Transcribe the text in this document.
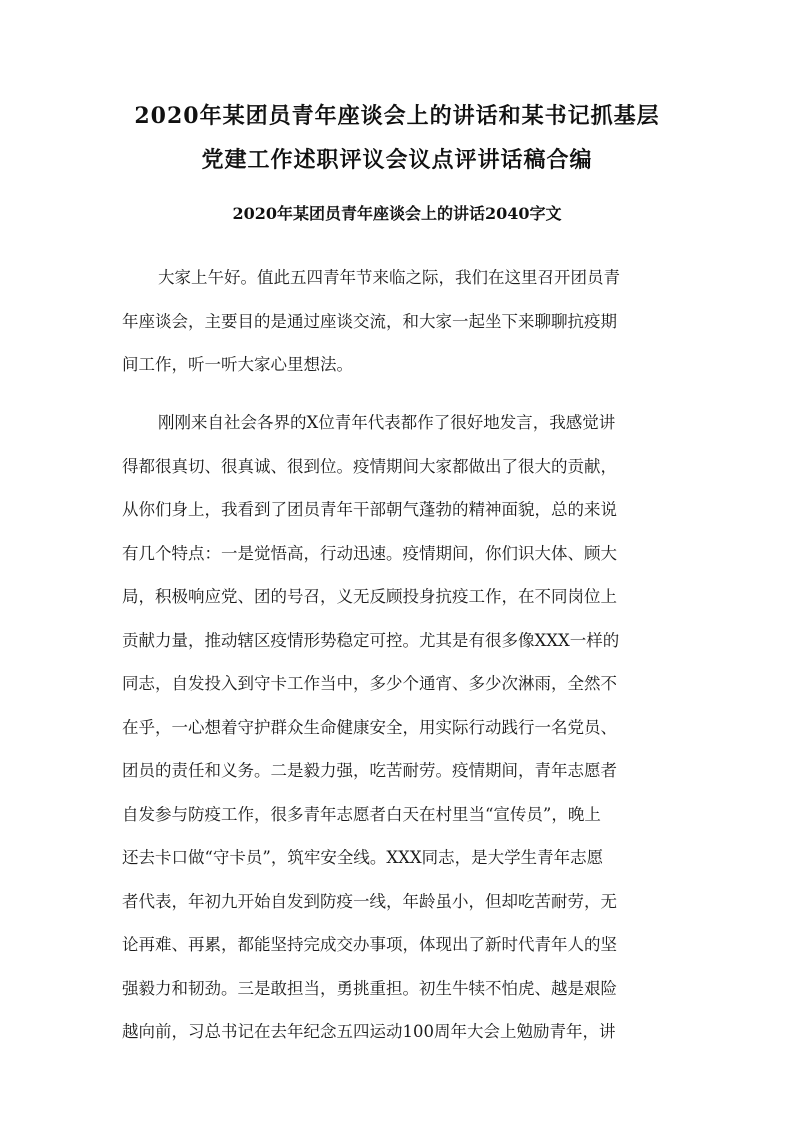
2020年某团员青年座谈会上的讲话和某书记抓基层
党建工作述职评议会议点评讲话稿合编
2020年某团员青年座谈会上的讲话2040字文
大家上午好。值此五四青年节来临之际，我们在这里召开团员青
年座谈会，主要目的是通过座谈交流，和大家一起坐下来聊聊抗疫期
间工作，听一听大家心里想法。
刚刚来自社会各界的X位青年代表都作了很好地发言，我感觉讲
得都很真切、很真诚、很到位。疫情期间大家都做出了很大的贡献，
从你们身上，我看到了团员青年干部朝气蓬勃的精神面貌，总的来说
有几个特点：一是觉悟高，行动迅速。疫情期间，你们识大体、顾大
局，积极响应党、团的号召，义无反顾投身抗疫工作，在不同岗位上
贡献力量，推动辖区疫情形势稳定可控。尤其是有很多像XXX一样的
同志，自发投入到守卡工作当中，多少个通宵、多少次淋雨，全然不
在乎，一心想着守护群众生命健康安全，用实际行动践行一名党员、
团员的责任和义务。二是毅力强，吃苦耐劳。疫情期间，青年志愿者
自发参与防疫工作，很多青年志愿者白天在村里当“宣传员”，晚上
还去卡口做“守卡员”，筑牢安全线。XXX同志，是大学生青年志愿
者代表，年初九开始自发到防疫一线，年龄虽小，但却吃苦耐劳，无
论再难、再累，都能坚持完成交办事项，体现出了新时代青年人的坚
强毅力和韧劲。三是敢担当，勇挑重担。初生牛犊不怕虎、越是艰险
越向前，习总书记在去年纪念五四运动100周年大会上勉励青年，讲
